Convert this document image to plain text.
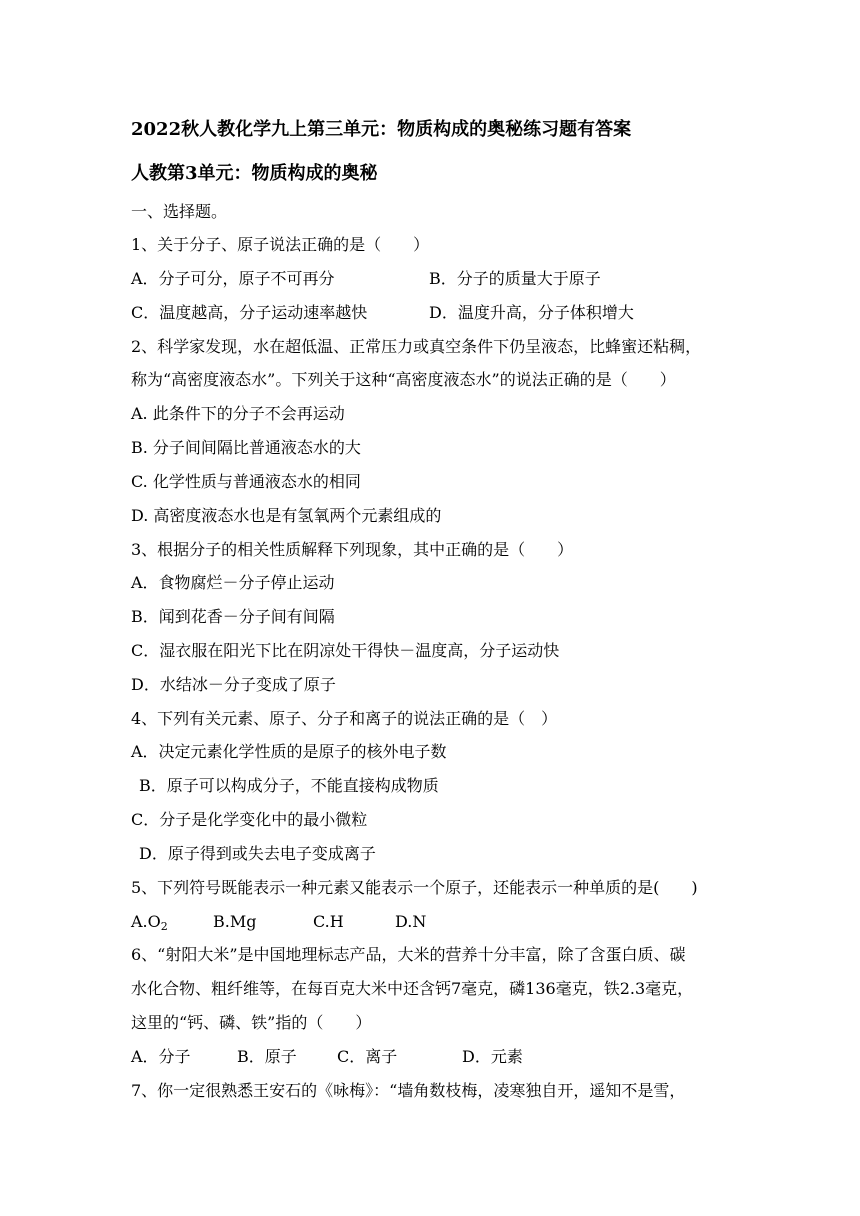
2022秋人教化学九上第三单元：物质构成的奥秘练习题有答案
人教第3单元：物质构成的奥秘
一、选择题。
1、关于分子、原子说法正确的是（　　）
A．分子可分，原子不可再分	B．分子的质量大于原子
C．温度越高，分子运动速率越快	D．温度升高，分子体积增大
2、科学家发现，水在超低温、正常压力或真空条件下仍呈液态，比蜂蜜还粘稠，
称为“高密度液态水”。下列关于这种“高密度液态水”的说法正确的是（　　）
A. 此条件下的分子不会再运动
B. 分子间间隔比普通液态水的大
C. 化学性质与普通液态水的相同
D. 高密度液态水也是有氢氧两个元素组成的
3、根据分子的相关性质解释下列现象，其中正确的是（　　）
A．食物腐烂－分子停止运动
B．闻到花香－分子间有间隔
C．湿衣服在阳光下比在阴凉处干得快－温度高，分子运动快
D．水结冰－分子变成了原子
4、下列有关元素、原子、分子和离子的说法正确的是（　）
A．决定元素化学性质的是原子的核外电子数
B．原子可以构成分子，不能直接构成物质
C．分子是化学变化中的最小微粒
D．原子得到或失去电子变成离子
5、下列符号既能表示一种元素又能表示一个原子，还能表示一种单质的是(　　)
$A.O_2$	B.Mg	C.H	D.N
6、“射阳大米”是中国地理标志产品，大米的营养十分丰富，除了含蛋白质、碳
水化合物、粗纤维等，在每百克大米中还含钙7毫克，磷136毫克，铁2.3毫克，
这里的“钙、磷、铁”指的（　　）
A．分子	B．原子	C．离子	D．元素
7、你一定很熟悉王安石的《咏梅》：“墙角数枝梅，凌寒独自开，遥知不是雪，
